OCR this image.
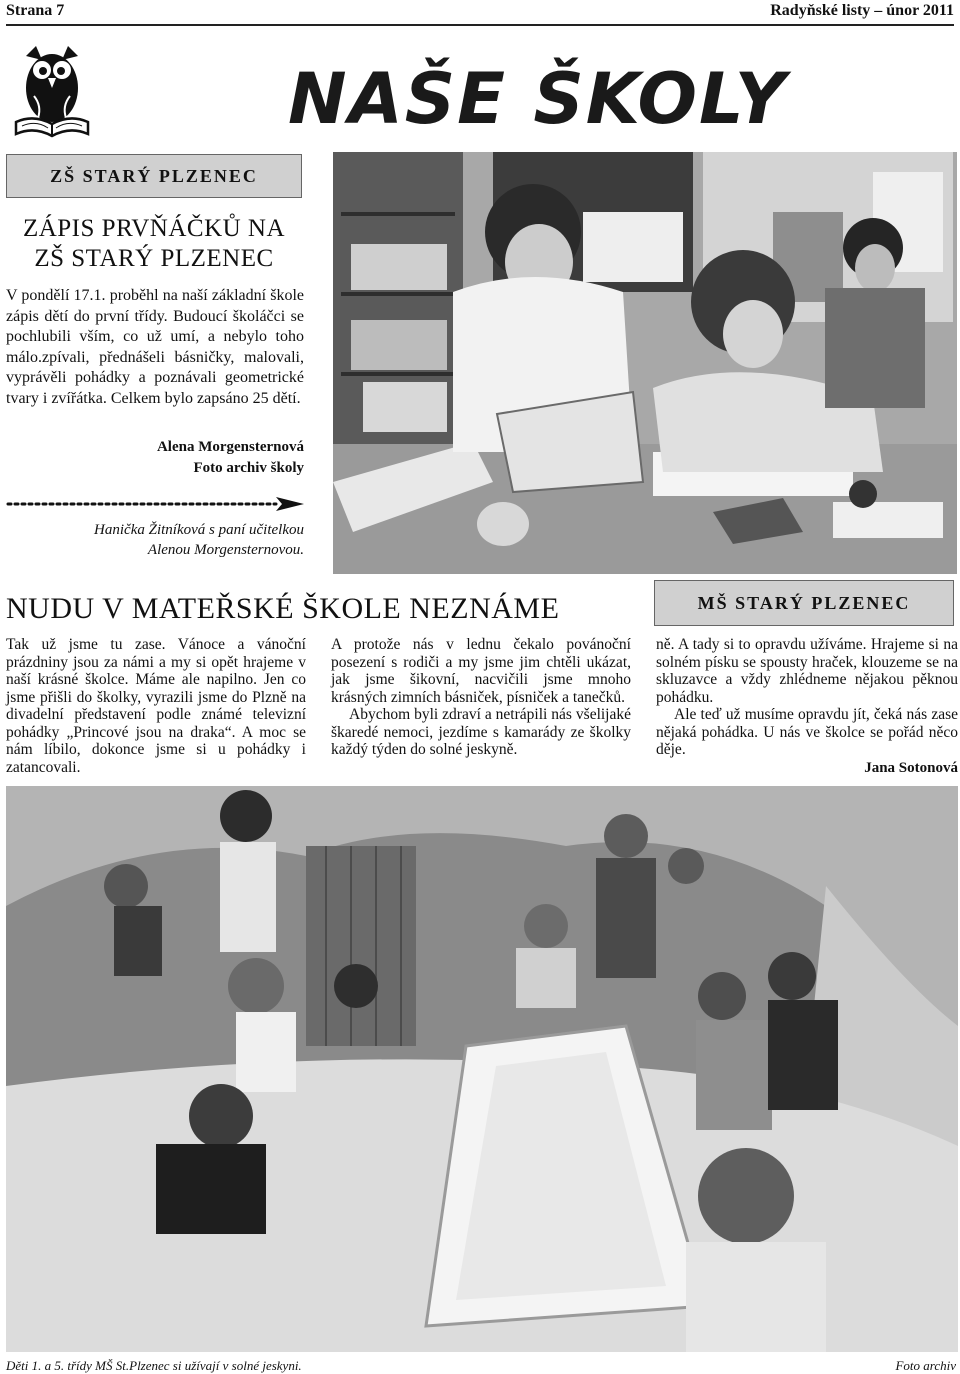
Strana 7	Radyňské listy – únor 2011
NAŠE ŠKOLY
ZŠ STARÝ PLZENEC
ZÁPIS PRVŇÁČKŮ NA
ZŠ STARÝ PLZENEC
V pondělí 17.1. proběhl na naší základní škole zápis dětí do první třídy. Budoucí školáčci se pochlubili vším, co už umí, a nebylo toho málo.zpívali, přednášeli básničky, malovali, vyprávěli pohádky a poznávali geometrické tvary i zvířátka. Celkem bylo zapsáno 25 dětí.
Alena Morgensternová
Foto archiv školy
Hanička Žitníková s paní učitelkou
Alenou Morgensternovou.
NUDU V MATEŘSKÉ ŠKOLE NEZNÁME	MŠ STARÝ PLZENEC
Tak už jsme tu zase. Vánoce a vánoční prázdniny jsou za námi a my si opět hrajeme v naší krásné školce. Máme ale napilno. Jen co jsme přišli do školky, vyrazili jsme do Plzně na divadelní představení podle známé televizní pohádky „Princové jsou na draka“. A moc se nám líbilo, dokonce jsme si u pohádky i zatancovali.
A protože nás v lednu čekalo povánoční posezení s rodiči a my jsme jim chtěli ukázat, jak jsme šikovní, nacvičili jsme mnoho krásných zimních básniček, písniček a tanečků.
Abychom byli zdraví a netrápili nás všelijaké škaredé nemoci, jezdíme s kamarády ze školky každý týden do solné jeskyně.
ně. A tady si to opravdu užíváme. Hrajeme si na solném písku se spousty hraček, klouzeme se na skluzavce a vždy zhlédneme nějakou pěknou pohádku.
Ale teď už musíme opravdu jít, čeká nás zase nějaká pohádka. U nás ve školce se pořád něco děje.
Jana Sotonová
Děti 1. a 5. třídy MŠ St.Plzenec si užívají v solné jeskyni.	Foto archiv
